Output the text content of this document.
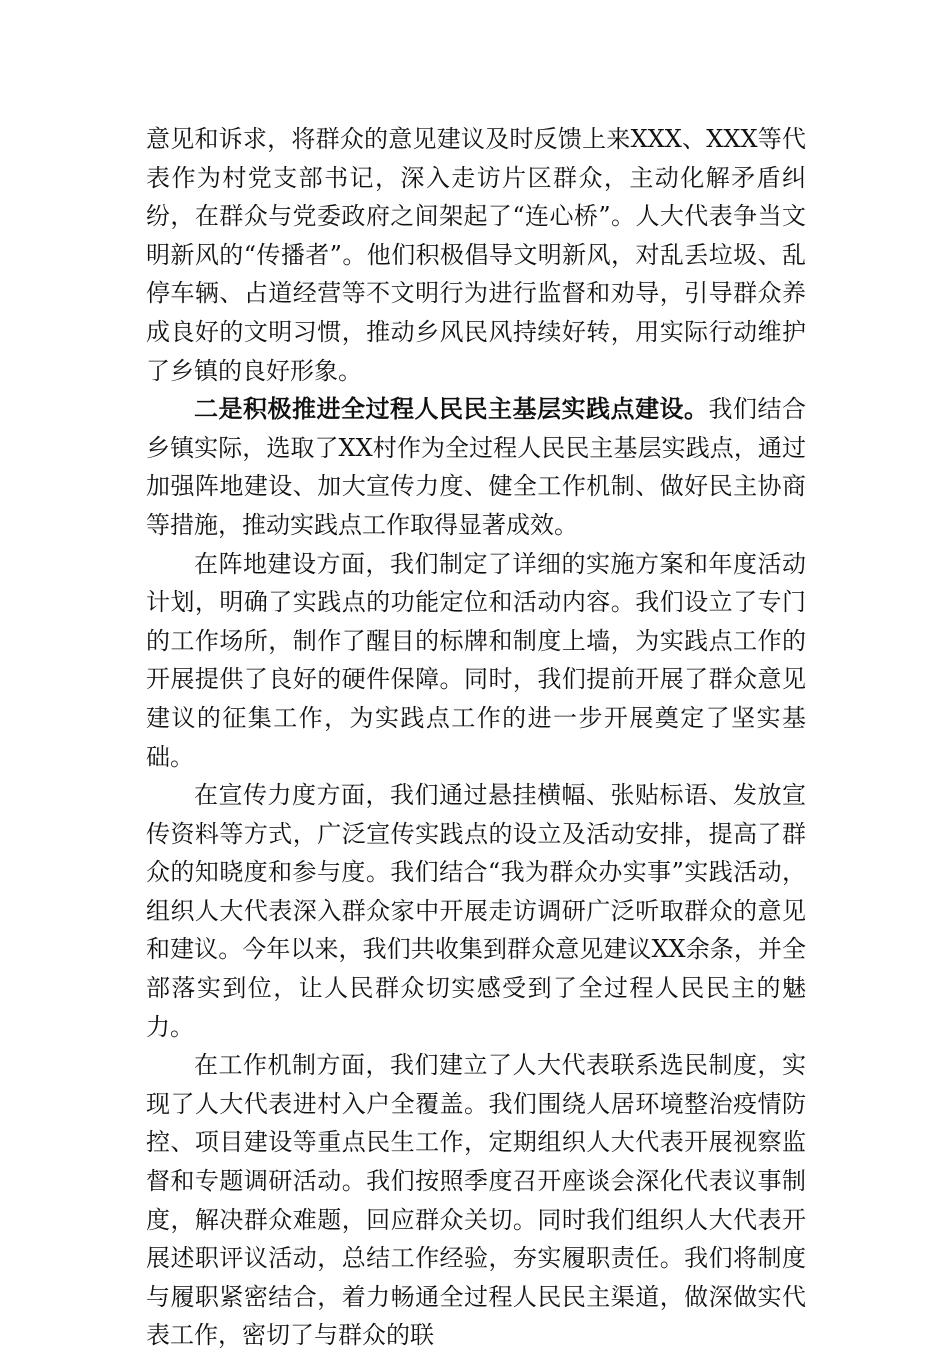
意见和诉求，将群众的意见建议及时反馈上来XXX、XXX等代表作为村党支部书记，深入走访片区群众，主动化解矛盾纠纷，在群众与党委政府之间架起了“连心桥”。人大代表争当文明新风的“传播者”。他们积极倡导文明新风，对乱丢垃圾、乱停车辆、占道经营等不文明行为进行监督和劝导，引导群众养成良好的文明习惯，推动乡风民风持续好转，用实际行动维护了乡镇的良好形象。

二是积极推进全过程人民民主基层实践点建设。我们结合乡镇实际，选取了XX村作为全过程人民民主基层实践点，通过加强阵地建设、加大宣传力度、健全工作机制、做好民主协商等措施，推动实践点工作取得显著成效。

在阵地建设方面，我们制定了详细的实施方案和年度活动计划，明确了实践点的功能定位和活动内容。我们设立了专门的工作场所，制作了醒目的标牌和制度上墙，为实践点工作的开展提供了良好的硬件保障。同时，我们提前开展了群众意见建议的征集工作，为实践点工作的进一步开展奠定了坚实基础。

在宣传力度方面，我们通过悬挂横幅、张贴标语、发放宣传资料等方式，广泛宣传实践点的设立及活动安排，提高了群众的知晓度和参与度。我们结合“我为群众办实事”实践活动，组织人大代表深入群众家中开展走访调研广泛听取群众的意见和建议。今年以来，我们共收集到群众意见建议XX余条，并全部落实到位，让人民群众切实感受到了全过程人民民主的魅力。

在工作机制方面，我们建立了人大代表联系选民制度，实现了人大代表进村入户全覆盖。我们围绕人居环境整治疫情防控、项目建设等重点民生工作，定期组织人大代表开展视察监督和专题调研活动。我们按照季度召开座谈会深化代表议事制度，解决群众难题，回应群众关切。同时我们组织人大代表开展述职评议活动，总结工作经验，夯实履职责任。我们将制度与履职紧密结合，着力畅通全过程人民民主渠道，做深做实代表工作，密切了与群众的联
